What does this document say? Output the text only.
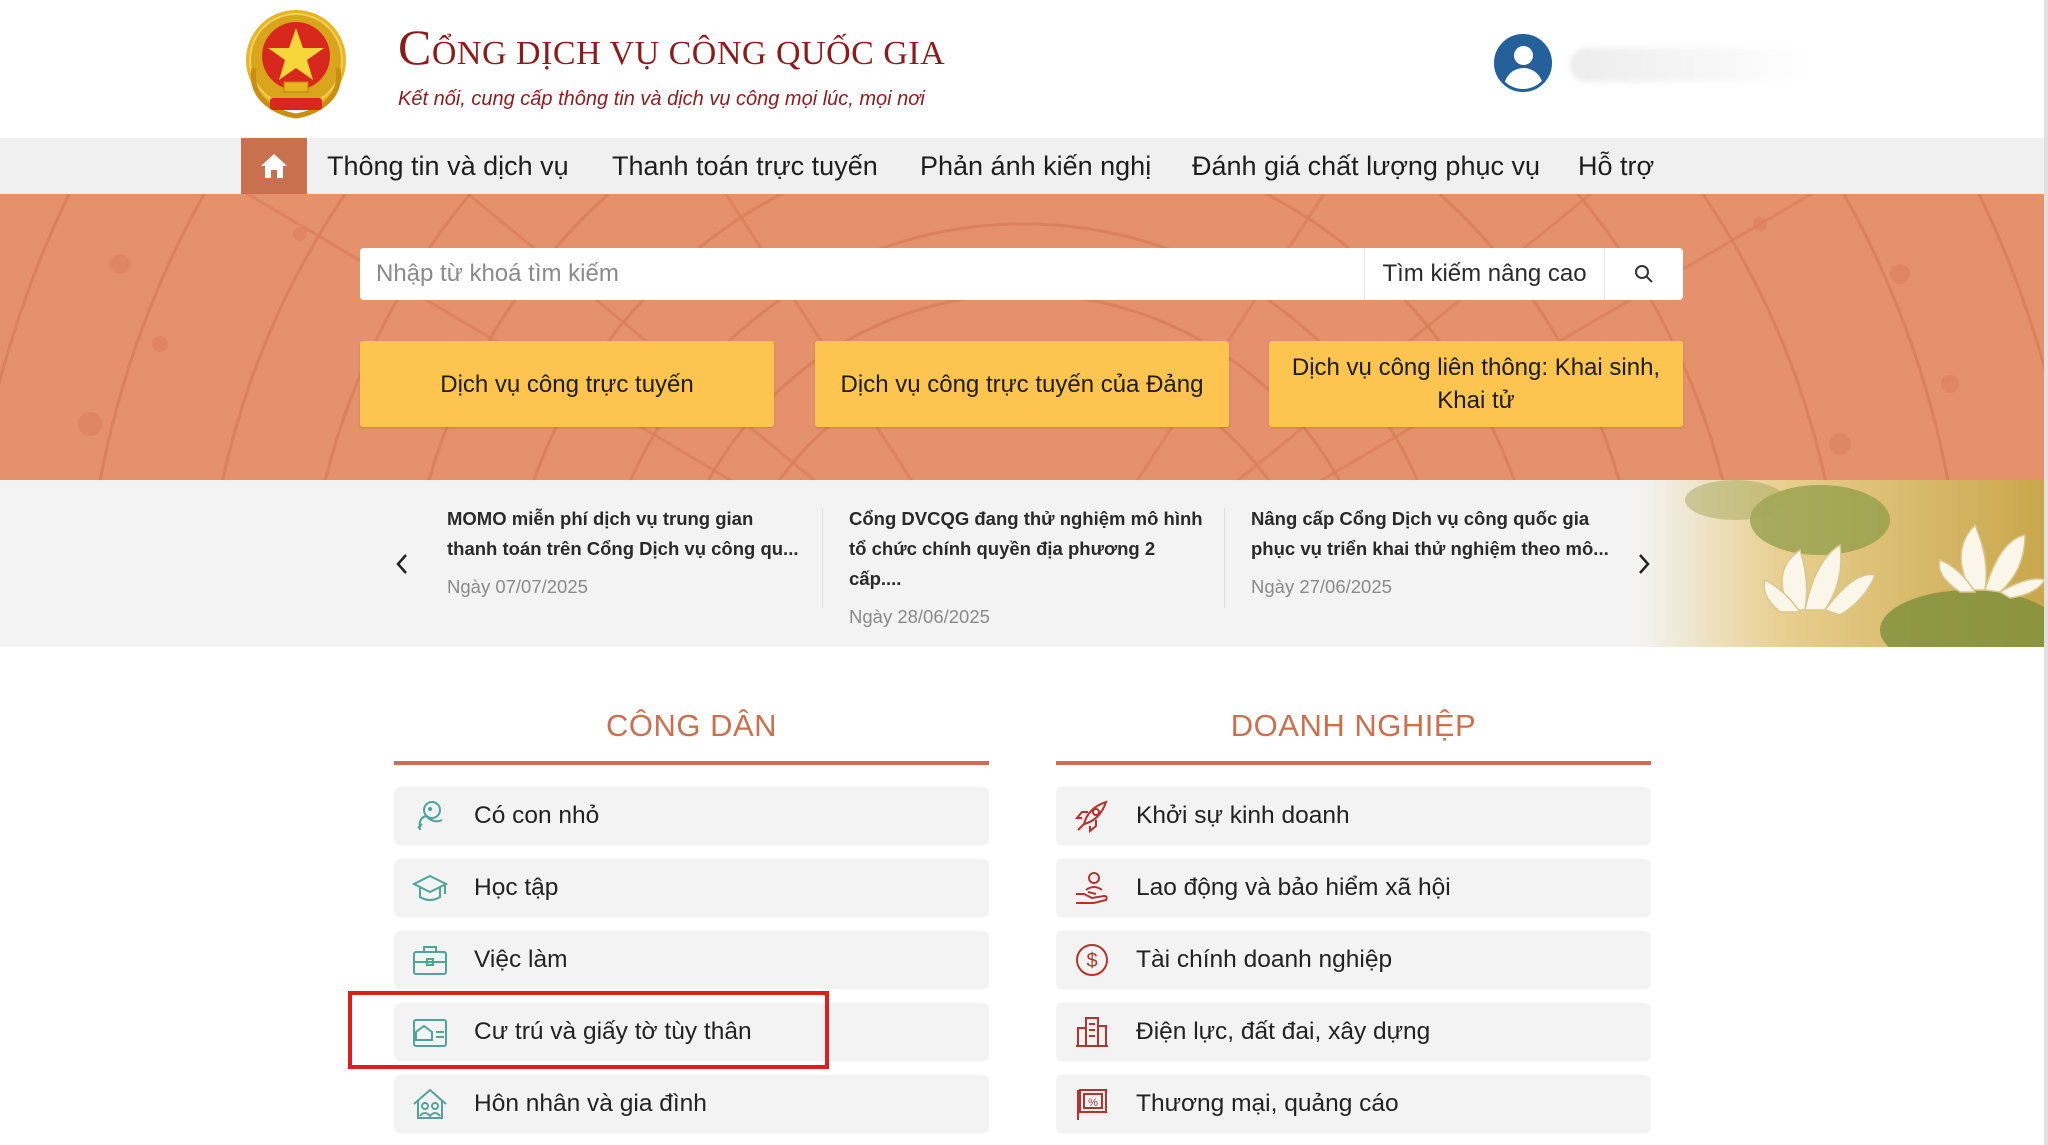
CỔNG DỊCH VỤ CÔNG QUỐC GIA
Kết nối, cung cấp thông tin và dịch vụ công mọi lúc, mọi nơi
Thông tin và dịch vụ Thanh toán trực tuyến Phản ánh kiến nghị Đánh giá chất lượng phục vụ Hỗ trợ
Nhập từ khoá tìm kiếm
Tìm kiếm nâng cao
Dịch vụ công trực tuyến	Dịch vụ công trực tuyến của Đảng
Dịch vụ công liên thông: Khai sinh, Khai tử
MOMO miễn phí dịch vụ trung gian thanh toán trên Cổng Dịch vụ công qu...
Ngày 07/07/2025
Cổng DVCQG đang thử nghiệm mô hình tổ chức chính quyền địa phương 2 cấp....
Ngày 28/06/2025
Nâng cấp Cổng Dịch vụ công quốc gia phục vụ triển khai thử nghiệm theo mô...
Ngày 27/06/2025
CÔNG DÂN
Có con nhỏ
Học tập
Việc làm
Cư trú và giấy tờ tùy thân
Hôn nhân và gia đình
DOANH NGHIỆP
Khởi sự kinh doanh
Lao động và bảo hiểm xã hội
$ Tài chính doanh nghiệp
Điện lực, đất đai, xây dựng
% Thương mại, quảng cáo
